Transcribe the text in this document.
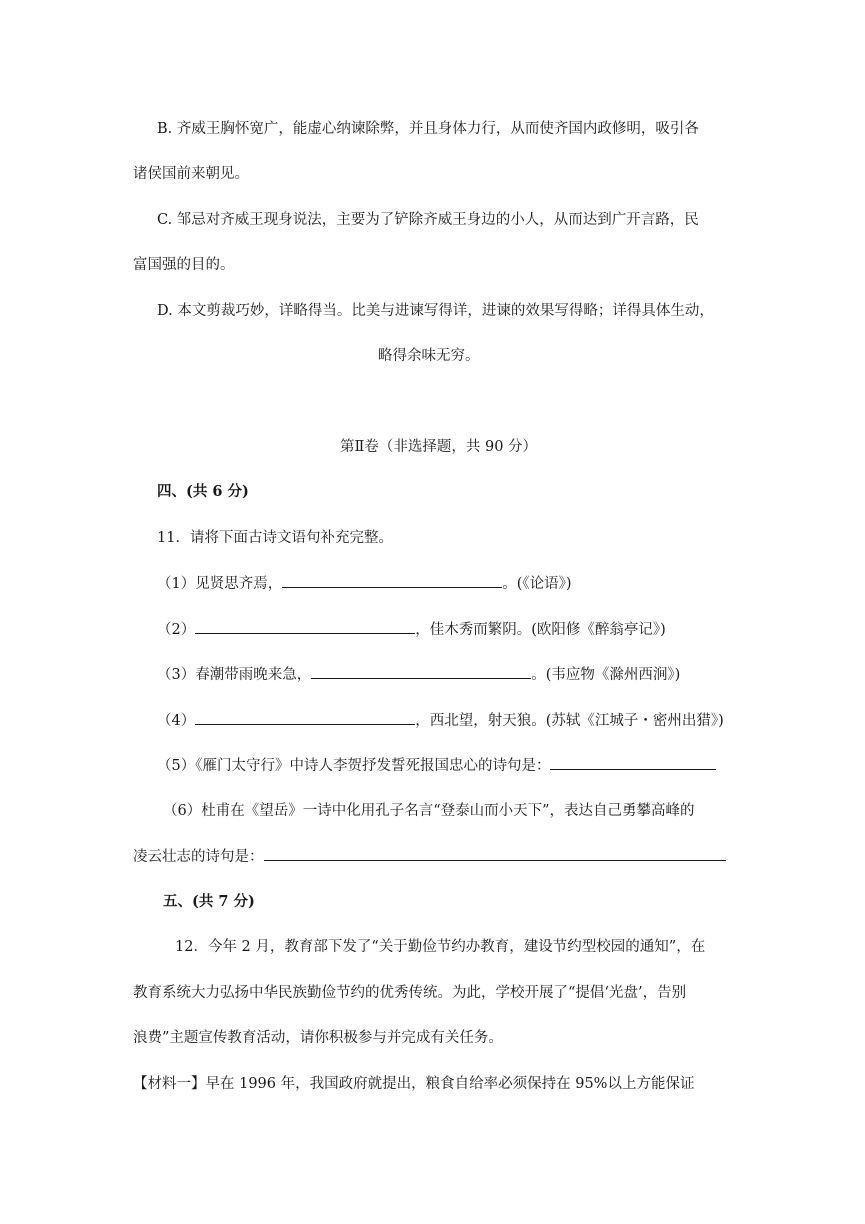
B. 齐威王胸怀宽广，能虚心纳谏除弊，并且身体力行，从而使齐国内政修明，吸引各
诸侯国前来朝见。
C. 邹忌对齐威王现身说法，主要为了铲除齐威王身边的小人，从而达到广开言路，民
富国强的目的。
D. 本文剪裁巧妙，详略得当。比美与进谏写得详，进谏的效果写得略；详得具体生动，
略得余味无穷。
第Ⅱ卷（非选择题，共 90 分）
四、(共 6 分)
11．请将下面古诗文语句补充完整。
（1）见贤思齐焉，	。(《论语》)
（2）	，佳木秀而繁阴。(欧阳修《醉翁亭记》)
（3）春潮带雨晚来急，	。(韦应物《滁州西涧》)
（4）	，西北望，射天狼。(苏轼《江城子・密州出猎》)
（5）《雁门太守行》中诗人李贺抒发誓死报国忠心的诗句是：
（6）杜甫在《望岳》一诗中化用孔子名言“登泰山而小天下”，表达自己勇攀高峰的
凌云壮志的诗句是：
五、(共 7 分)
12．今年 2 月，教育部下发了“关于勤俭节约办教育，建设节约型校园的通知”，在
教育系统大力弘扬中华民族勤俭节约的优秀传统。为此，学校开展了“提倡‘光盘’，告别
浪费”主题宣传教育活动，请你积极参与并完成有关任务。
【材料一】早在 1996 年，我国政府就提出，粮食自给率必须保持在 95%以上方能保证
